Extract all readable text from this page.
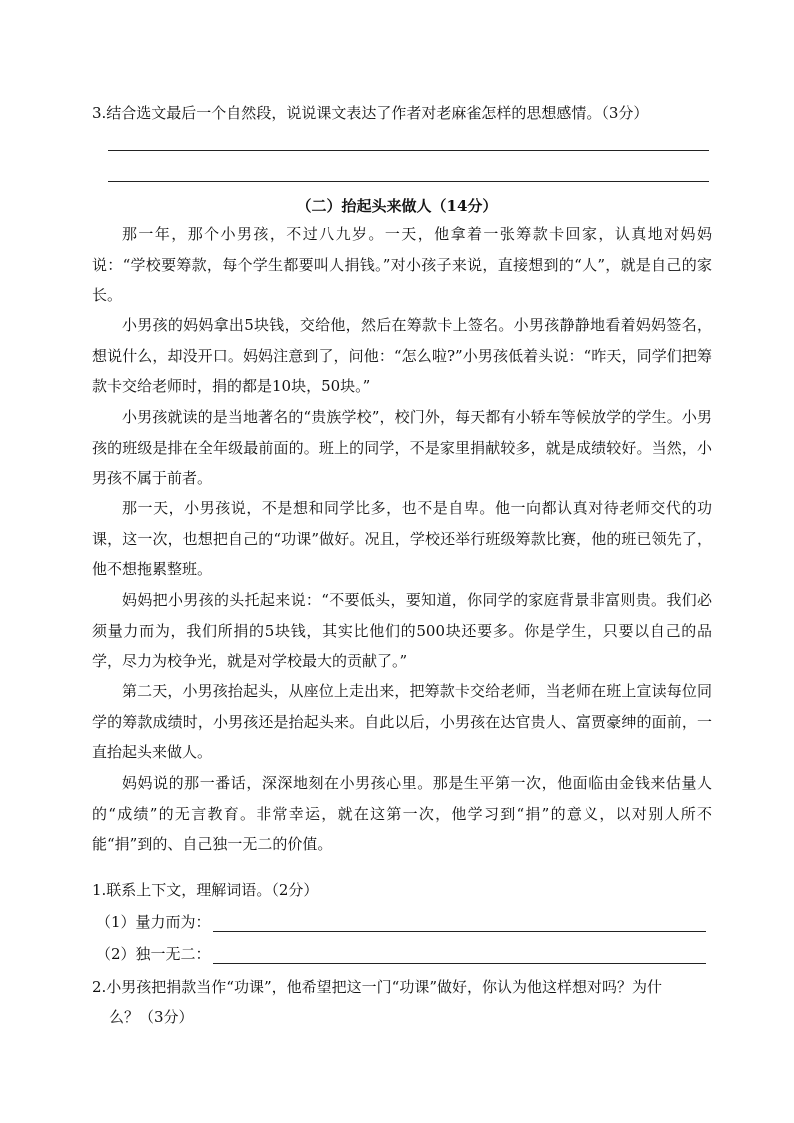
3.结合选文最后一个自然段，说说课文表达了作者对老麻雀怎样的思想感情。（3分）
（二）抬起头来做人（14分）
那一年，那个小男孩，不过八九岁。一天，他拿着一张筹款卡回家，认真地对妈妈说：“学校要筹款，每个学生都要叫人捐钱。”对小孩子来说，直接想到的“人”，就是自己的家长。
小男孩的妈妈拿出5块钱，交给他，然后在筹款卡上签名。小男孩静静地看着妈妈签名，想说什么，却没开口。妈妈注意到了，问他：“怎么啦?”小男孩低着头说：“昨天，同学们把筹款卡交给老师时，捐的都是10块，50块。”
小男孩就读的是当地著名的“贵族学校”，校门外，每天都有小轿车等候放学的学生。小男孩的班级是排在全年级最前面的。班上的同学，不是家里捐献较多，就是成绩较好。当然，小男孩不属于前者。
那一天，小男孩说，不是想和同学比多，也不是自卑。他一向都认真对待老师交代的功课，这一次，也想把自己的“功课”做好。况且，学校还举行班级筹款比赛，他的班已领先了，他不想拖累整班。
妈妈把小男孩的头托起来说：“不要低头，要知道，你同学的家庭背景非富则贵。我们必须量力而为，我们所捐的5块钱，其实比他们的500块还要多。你是学生，只要以自己的品学，尽力为校争光，就是对学校最大的贡献了。”
第二天，小男孩抬起头，从座位上走出来，把筹款卡交给老师，当老师在班上宣读每位同学的筹款成绩时，小男孩还是抬起头来。自此以后，小男孩在达官贵人、富贾豪绅的面前，一直抬起头来做人。
妈妈说的那一番话，深深地刻在小男孩心里。那是生平第一次，他面临由金钱来估量人的“成绩”的无言教育。非常幸运，就在这第一次，他学习到“捐”的意义，以对别人所不能“捐”到的、自己独一无二的价值。
1.联系上下文，理解词语。（2分）
（1）量力而为：
（2）独一无二：
2.小男孩把捐款当作“功课”，他希望把这一门“功课”做好，你认为他这样想对吗？为什
么？（3分）
